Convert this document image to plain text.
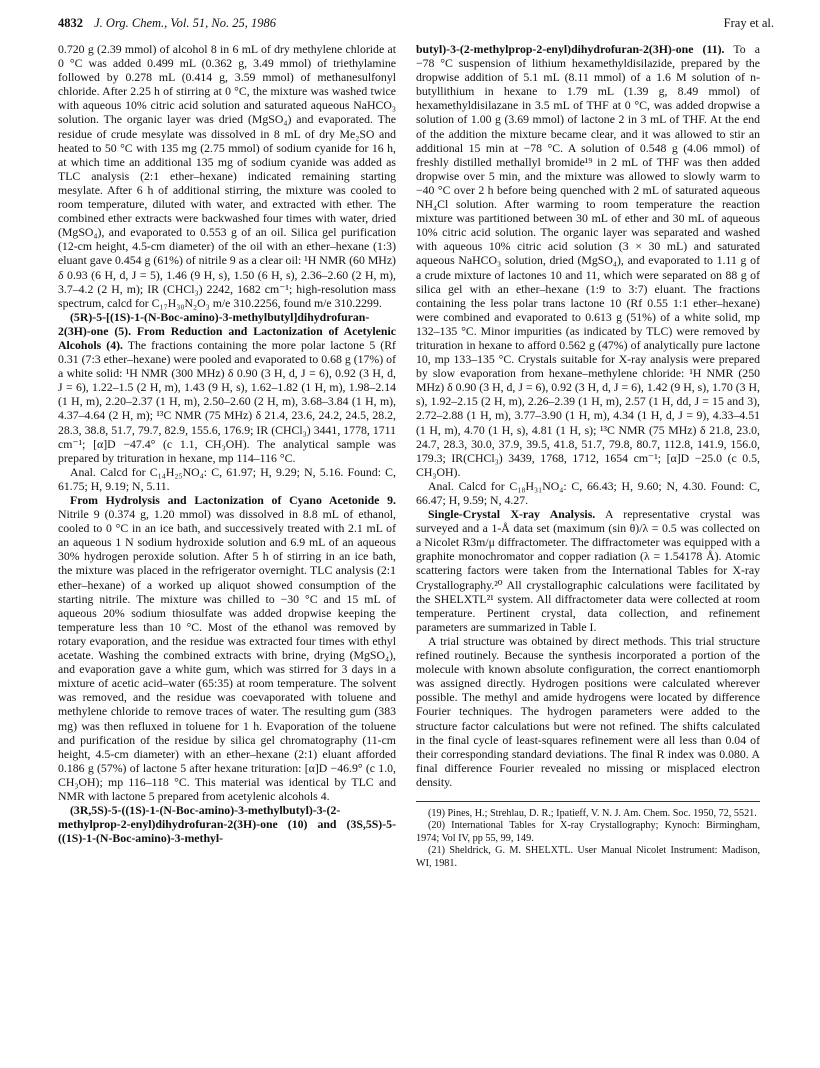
4832 J. Org. Chem., Vol. 51, No. 25, 1986	Fray et al.

0.720 g (2.39 mmol) of alcohol 8 in 6 mL of dry methylene chloride at 0 °C was added 0.499 mL (0.362 g, 3.49 mmol) of triethylamine followed by 0.278 mL (0.414 g, 3.59 mmol) of methanesulfonyl chloride. After 2.25 h of stirring at 0 °C, the mixture was washed twice with aqueous 10% citric acid solution and saturated aqueous NaHCO₃ solution. The organic layer was dried (MgSO₄) and evaporated. The residue of crude mesylate was dissolved in 8 mL of dry Me₂SO and heated to 50 °C with 135 mg (2.75 mmol) of sodium cyanide for 16 h, at which time an additional 135 mg of sodium cyanide was added as TLC analysis (2:1 ether–hexane) indicated remaining starting mesylate. After 6 h of additional stirring, the mixture was cooled to room temperature, diluted with water, and extracted with ether. The combined ether extracts were backwashed four times with water, dried (MgSO₄), and evaporated to 0.553 g of an oil. Silica gel purification (12-cm height, 4.5-cm diameter) of the oil with an ether–hexane (1:3) eluant gave 0.454 g (61%) of nitrile 9 as a clear oil: ¹H NMR (60 MHz) δ 0.93 (6 H, d, J = 5), 1.46 (9 H, s), 1.50 (6 H, s), 2.36–2.60 (2 H, m), 3.7–4.2 (2 H, m); IR (CHCl₃) 2242, 1682 cm⁻¹; high-resolution mass spectrum, calcd for C₁₇H₃₀N₂O₃ m/e 310.2256, found m/e 310.2299.

(5R)-5-[(1S)-1-(N-Boc-amino)-3-methylbutyl]dihydrofuran-2(3H)-one (5). From Reduction and Lactonization of Acetylenic Alcohols (4). The fractions containing the more polar lactone 5 (Rf 0.31 (7:3 ether–hexane) were pooled and evaporated to 0.68 g (17%) of a white solid: ¹H NMR (300 MHz) δ 0.90 (3 H, d, J = 6), 0.92 (3 H, d, J = 6), 1.22–1.5 (2 H, m), 1.43 (9 H, s), 1.62–1.82 (1 H, m), 1.98–2.14 (1 H, m), 2.20–2.37 (1 H, m), 2.50–2.60 (2 H, m), 3.68–3.84 (1 H, m), 4.37–4.64 (2 H, m); ¹³C NMR (75 MHz) δ 21.4, 23.6, 24.2, 24.5, 28.2, 28.3, 38.8, 51.7, 79.7, 82.9, 155.6, 176.9; IR (CHCl₃) 3441, 1778, 1711 cm⁻¹; [α]D −47.4° (c 1.1, CH₃OH). The analytical sample was prepared by trituration in hexane, mp 114–116 °C.

Anal. Calcd for C₁₄H₂₅NO₄: C, 61.97; H, 9.29; N, 5.16. Found: C, 61.75; H, 9.19; N, 5.11.

From Hydrolysis and Lactonization of Cyano Acetonide 9. Nitrile 9 (0.374 g, 1.20 mmol) was dissolved in 8.8 mL of ethanol, cooled to 0 °C in an ice bath, and successively treated with 2.1 mL of an aqueous 1 N sodium hydroxide solution and 6.9 mL of an aqueous 30% hydrogen peroxide solution. After 5 h of stirring in an ice bath, the mixture was placed in the refrigerator overnight. TLC analysis (2:1 ether–hexane) of a worked up aliquot showed consumption of the starting nitrile. The mixture was chilled to −30 °C and 15 mL of aqueous 20% sodium thiosulfate was added dropwise keeping the temperature less than 10 °C. Most of the ethanol was removed by rotary evaporation, and the residue was extracted four times with ethyl acetate. Washing the combined extracts with brine, drying (MgSO₄), and evaporation gave a white gum, which was stirred for 3 days in a mixture of acetic acid–water (65:35) at room temperature. The solvent was removed, and the residue was coevaporated with toluene and methylene chloride to remove traces of water. The resulting gum (383 mg) was then refluxed in toluene for 1 h. Evaporation of the toluene and purification of the residue by silica gel chromatography (11-cm height, 4.5-cm diameter) with an ether–hexane (2:1) eluant afforded 0.186 g (57%) of lactone 5 after hexane trituration: [α]D −46.9° (c 1.0, CH₃OH); mp 116–118 °C. This material was identical by TLC and NMR with lactone 5 prepared from acetylenic alcohols 4.

(3R,5S)-5-((1S)-1-(N-Boc-amino)-3-methylbutyl)-3-(2-methylprop-2-enyl)dihydrofuran-2(3H)-one (10) and (3S,5S)-5-((1S)-1-(N-Boc-amino)-3-methyl-

butyl)-3-(2-methylprop-2-enyl)dihydrofuran-2(3H)-one (11). To a −78 °C suspension of lithium hexamethyldisilazide, prepared by the dropwise addition of 5.1 mL (8.11 mmol) of a 1.6 M solution of n-butyllithium in hexane to 1.79 mL (1.39 g, 8.49 mmol) of hexamethyldisilazane in 3.5 mL of THF at 0 °C, was added dropwise a solution of 1.00 g (3.69 mmol) of lactone 2 in 3 mL of THF. At the end of the addition the mixture became clear, and it was allowed to stir an additional 15 min at −78 °C. A solution of 0.548 g (4.06 mmol) of freshly distilled methallyl bromide¹⁹ in 2 mL of THF was then added dropwise over 5 min, and the mixture was allowed to slowly warm to −40 °C over 2 h before being quenched with 2 mL of saturated aqueous NH₄Cl solution. After warming to room temperature the reaction mixture was partitioned between 30 mL of ether and 30 mL of aqueous 10% citric acid solution. The organic layer was separated and washed with aqueous 10% citric acid solution (3 × 30 mL) and saturated aqueous NaHCO₃ solution, dried (MgSO₄), and evaporated to 1.11 g of a crude mixture of lactones 10 and 11, which were separated on 88 g of silica gel with an ether–hexane (1:9 to 3:7) eluant. The fractions containing the less polar trans lactone 10 (Rf 0.55 1:1 ether–hexane) were combined and evaporated to 0.613 g (51%) of a white solid, mp 132–135 °C. Minor impurities (as indicated by TLC) were removed by trituration in hexane to afford 0.562 g (47%) of analytically pure lactone 10, mp 133–135 °C. Crystals suitable for X-ray analysis were prepared by slow evaporation from hexane–methylene chloride: ¹H NMR (250 MHz) δ 0.90 (3 H, d, J = 6), 0.92 (3 H, d, J = 6), 1.42 (9 H, s), 1.70 (3 H, s), 1.92–2.15 (2 H, m), 2.26–2.39 (1 H, m), 2.57 (1 H, dd, J = 15 and 3), 2.72–2.88 (1 H, m), 3.77–3.90 (1 H, m), 4.34 (1 H, d, J = 9), 4.33–4.51 (1 H, m), 4.70 (1 H, s), 4.81 (1 H, s); ¹³C NMR (75 MHz) δ 21.8, 23.0, 24.7, 28.3, 30.0, 37.9, 39.5, 41.8, 51.7, 79.8, 80.7, 112.8, 141.9, 156.0, 179.3; IR(CHCl₃) 3439, 1768, 1712, 1654 cm⁻¹; [α]D −25.0 (c 0.5, CH₃OH).

Anal. Calcd for C₁₈H₃₁NO₄: C, 66.43; H, 9.60; N, 4.30. Found: C, 66.47; H, 9.59; N, 4.27.

Single-Crystal X-ray Analysis. A representative crystal was surveyed and a 1-Å data set (maximum (sin θ)/λ = 0.5 was collected on a Nicolet R3m/μ diffractometer. The diffractometer was equipped with a graphite monochromator and copper radiation (λ = 1.54178 Å). Atomic scattering factors were taken from the International Tables for X-ray Crystallography.²⁰ All crystallographic calculations were facilitated by the SHELXTL²¹ system. All diffractometer data were collected at room temperature. Pertinent crystal, data collection, and refinement parameters are summarized in Table I.

A trial structure was obtained by direct methods. This trial structure refined routinely. Because the synthesis incorporated a portion of the molecule with known absolute configuration, the correct enantiomorph was assigned directly. Hydrogen positions were calculated wherever possible. The methyl and amide hydrogens were located by difference Fourier techniques. The hydrogen parameters were added to the structure factor calculations but were not refined. The shifts calculated in the final cycle of least-squares refinement were all less than 0.04 of their corresponding standard deviations. The final R index was 0.080. A final difference Fourier revealed no missing or misplaced electron density.

(19) Pines, H.; Strehlau, D. R.; Ipatieff, V. N. J. Am. Chem. Soc. 1950, 72, 5521.

(20) International Tables for X-ray Crystallography; Kynoch: Birmingham, 1974; Vol IV, pp 55, 99, 149.

(21) Sheldrick, G. M. SHELXTL. User Manual Nicolet Instrument: Madison, WI, 1981.
